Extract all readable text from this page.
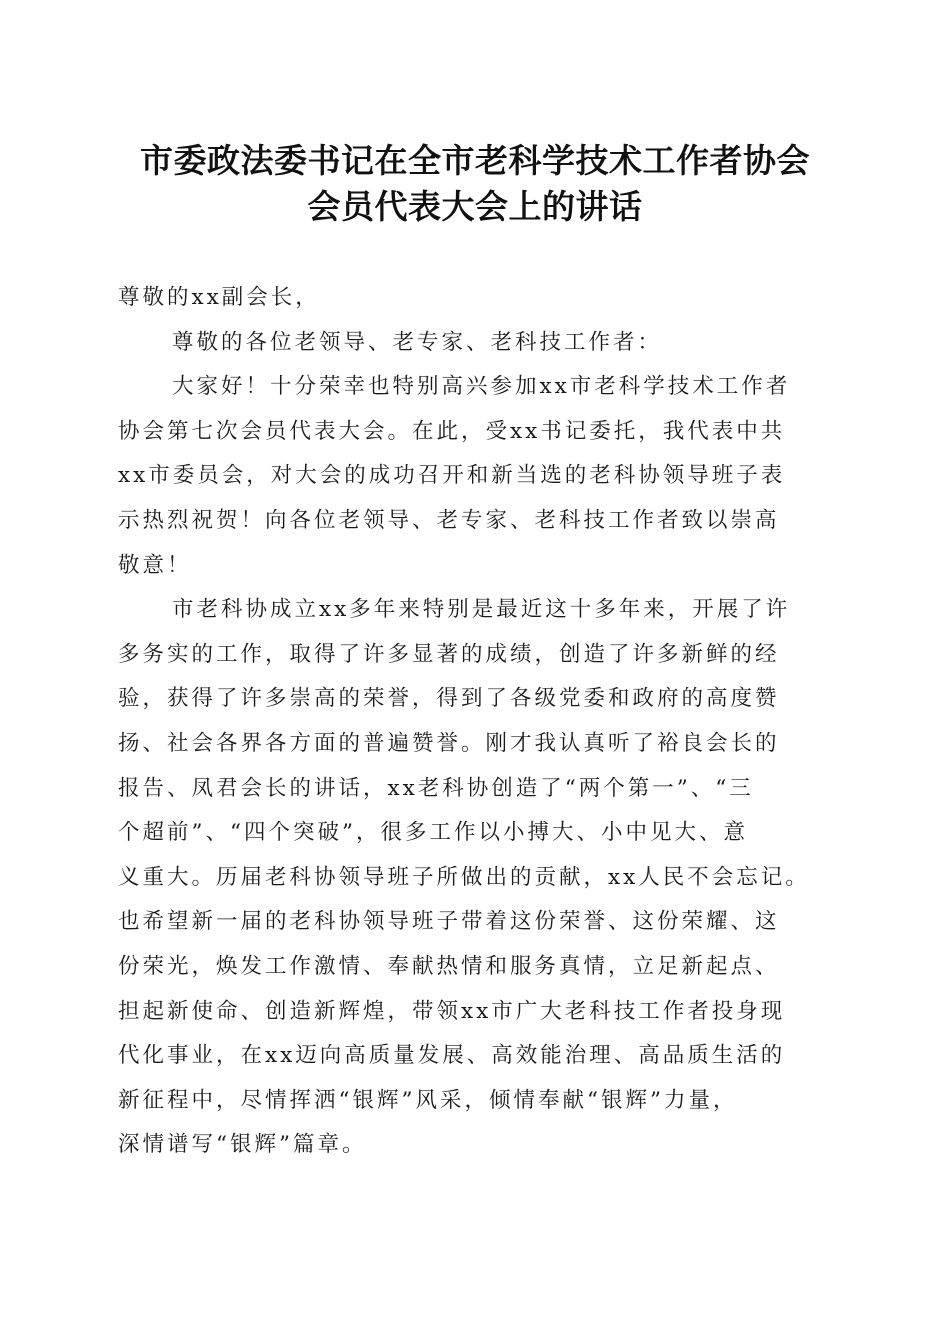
市委政法委书记在全市老科学技术工作者协会
会员代表大会上的讲话
尊敬的xx副会长，
尊敬的各位老领导、老专家、老科技工作者：
大家好！十分荣幸也特别高兴参加xx市老科学技术工作者
协会第七次会员代表大会。在此，受xx书记委托，我代表中共
xx市委员会，对大会的成功召开和新当选的老科协领导班子表
示热烈祝贺！向各位老领导、老专家、老科技工作者致以崇高
敬意！
市老科协成立xx多年来特别是最近这十多年来，开展了许
多务实的工作，取得了许多显著的成绩，创造了许多新鲜的经
验，获得了许多崇高的荣誉，得到了各级党委和政府的高度赞
扬、社会各界各方面的普遍赞誉。刚才我认真听了裕良会长的
报告、凤君会长的讲话，xx老科协创造了“两个第一”、“三
个超前”、“四个突破”，很多工作以小搏大、小中见大、意
义重大。历届老科协领导班子所做出的贡献，xx人民不会忘记。
也希望新一届的老科协领导班子带着这份荣誉、这份荣耀、这
份荣光，焕发工作激情、奉献热情和服务真情，立足新起点、
担起新使命、创造新辉煌，带领xx市广大老科技工作者投身现
代化事业，在xx迈向高质量发展、高效能治理、高品质生活的
新征程中，尽情挥洒“银辉”风采，倾情奉献“银辉”力量，
深情谱写“银辉”篇章。
